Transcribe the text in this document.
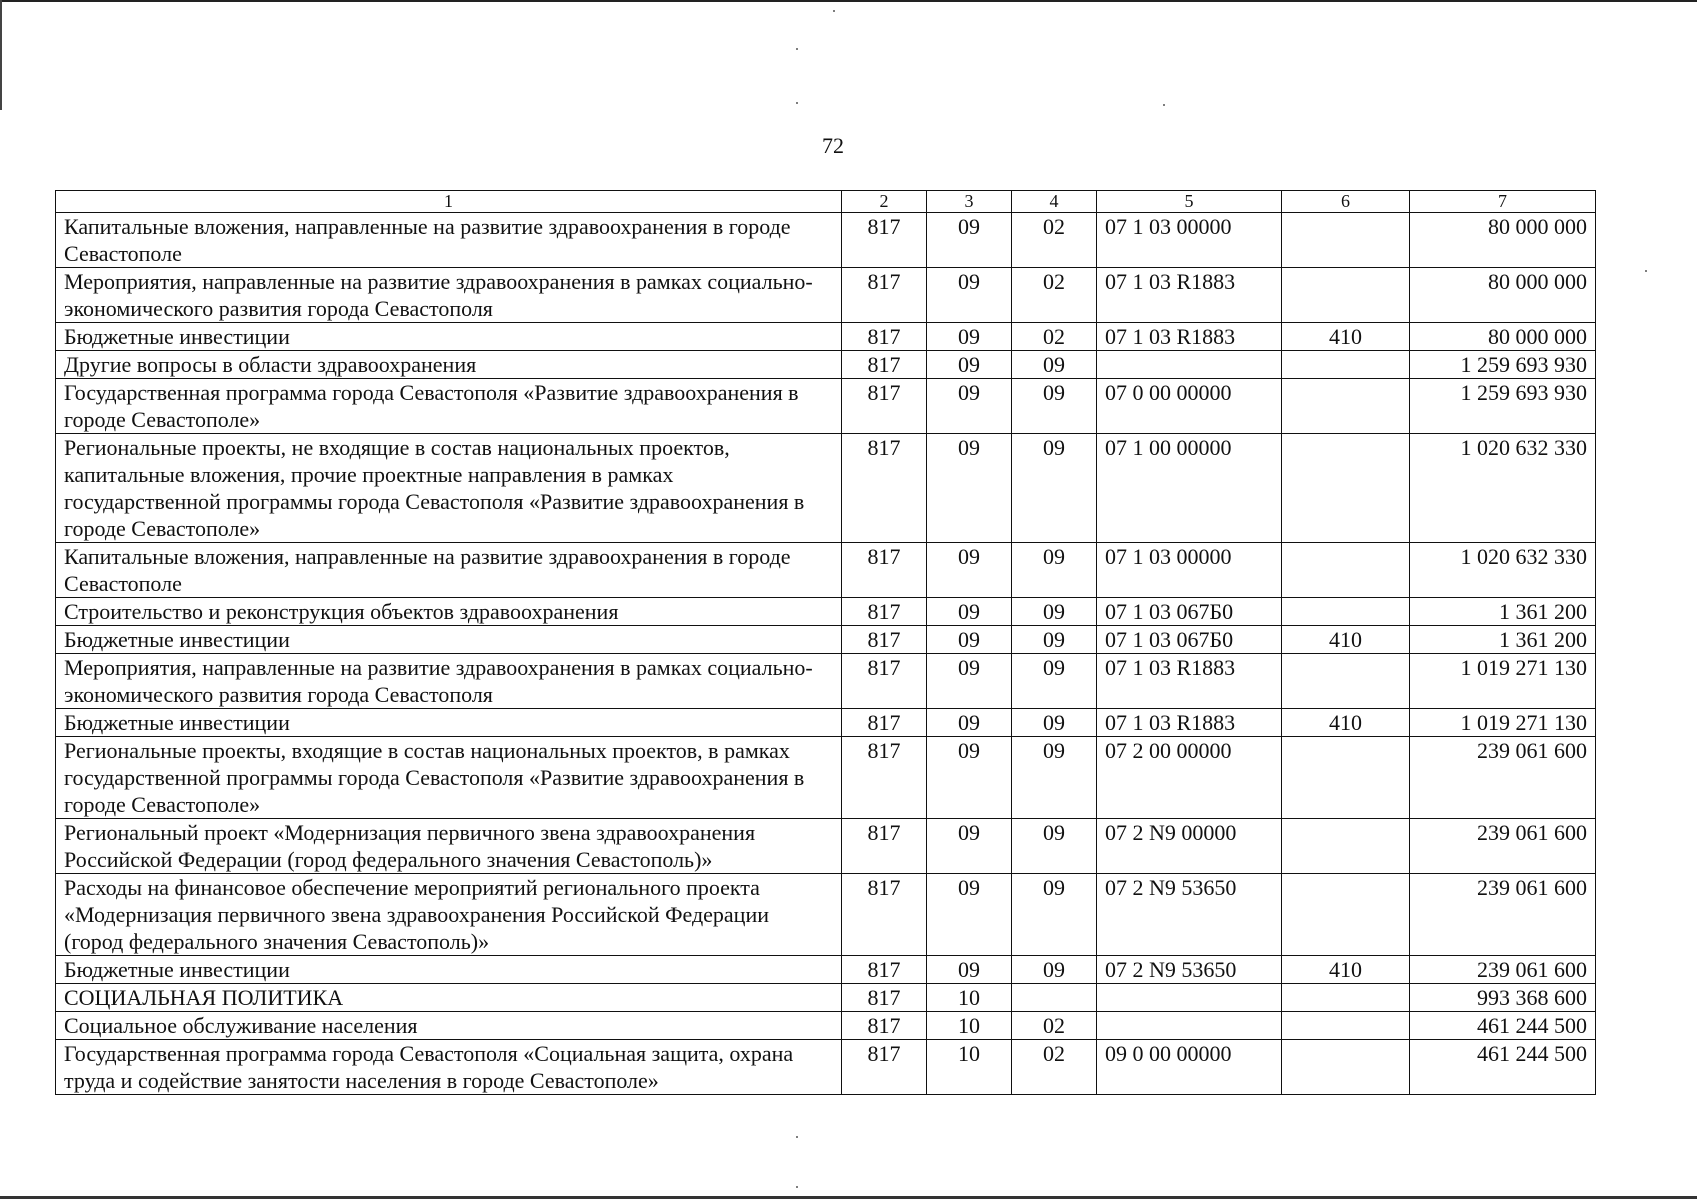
72
1	2	3	4	5	6	7
Капитальные вложения, направленные на развитие здравоохранения в городе Севастополе	817	09	02	07 1 03 00000		80 000 000
Мероприятия, направленные на развитие здравоохранения в рамках социально-экономического развития города Севастополя	817	09	02	07 1 03 R1883		80 000 000
Бюджетные инвестиции	817	09	02	07 1 03 R1883	410	80 000 000
Другие вопросы в области здравоохранения	817	09	09			1 259 693 930
Государственная программа города Севастополя «Развитие здравоохранения в городе Севастополе»	817	09	09	07 0 00 00000		1 259 693 930
Региональные проекты, не входящие в состав национальных проектов, капитальные вложения, прочие проектные направления в рамках государственной программы города Севастополя «Развитие здравоохранения в городе Севастополе»	817	09	09	07 1 00 00000		1 020 632 330
Капитальные вложения, направленные на развитие здравоохранения в городе Севастополе	817	09	09	07 1 03 00000		1 020 632 330
Строительство и реконструкция объектов здравоохранения	817	09	09	07 1 03 067Б0		1 361 200
Бюджетные инвестиции	817	09	09	07 1 03 067Б0	410	1 361 200
Мероприятия, направленные на развитие здравоохранения в рамках социально-экономического развития города Севастополя	817	09	09	07 1 03 R1883		1 019 271 130
Бюджетные инвестиции	817	09	09	07 1 03 R1883	410	1 019 271 130
Региональные проекты, входящие в состав национальных проектов, в рамках государственной программы города Севастополя «Развитие здравоохранения в городе Севастополе»	817	09	09	07 2 00 00000		239 061 600
Региональный проект «Модернизация первичного звена здравоохранения Российской Федерации (город федерального значения Севастополь)»	817	09	09	07 2 N9 00000		239 061 600
Расходы на финансовое обеспечение мероприятий регионального проекта «Модернизация первичного звена здравоохранения Российской Федерации (город федерального значения Севастополь)»	817	09	09	07 2 N9 53650		239 061 600
Бюджетные инвестиции	817	09	09	07 2 N9 53650	410	239 061 600
СОЦИАЛЬНАЯ ПОЛИТИКА	817	10				993 368 600
Социальное обслуживание населения	817	10	02			461 244 500
Государственная программа города Севастополя «Социальная защита, охрана труда и содействие занятости населения в городе Севастополе»	817	10	02	09 0 00 00000		461 244 500
